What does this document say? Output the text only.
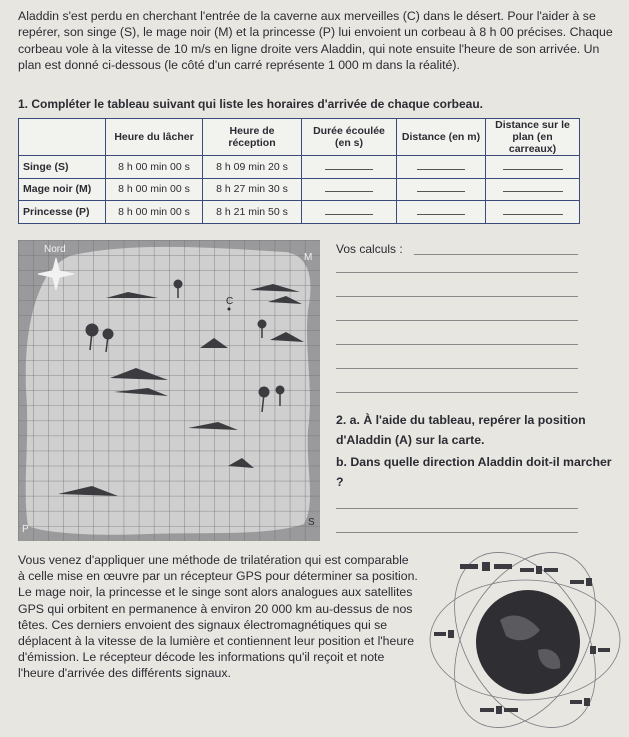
Aladdin s'est perdu en cherchant l'entrée de la caverne aux merveilles (C) dans le désert. Pour l'aider à se repérer, son singe (S), le mage noir (M) et la princesse (P) lui envoient un corbeau à 8 h 00 précises. Chaque corbeau vole à la vitesse de 10 m/s en ligne droite vers Aladdin, qui note ensuite l'heure de son arrivée. Un plan est donné ci-dessous (le côté d'un carré représente 1 000 m dans la réalité).
1. Compléter le tableau suivant qui liste les horaires d'arrivée de chaque corbeau.
	Heure du lâcher	Heure de réception	Durée écoulée (en s)	Distance (en m)	Distance sur le plan (en carreaux)
Singe (S)	8 h 00 min 00 s	8 h 09 min 20 s			
Mage noir (M)	8 h 00 min 00 s	8 h 27 min 30 s			
Princesse (P)	8 h 00 min 00 s	8 h 21 min 50 s			
Nord
M
C
P
S
Vos calculs :
2. a. À l'aide du tableau, repérer la position d'Aladdin (A) sur la carte.
b. Dans quelle direction Aladdin doit-il marcher ?
Vous venez d'appliquer une méthode de trilatération qui est comparable à celle mise en œuvre par un récepteur GPS pour déterminer sa position. Le mage noir, la princesse et le singe sont alors analogues aux satellites GPS qui orbitent en permanence à environ 20 000 km au-dessus de nos têtes. Ces derniers envoient des signaux électromagnétiques qui se déplacent à la vitesse de la lumière et contiennent leur position et l'heure d'émission. Le récepteur décode les informations qu'il reçoit et note l'heure d'arrivée des différents signaux.
